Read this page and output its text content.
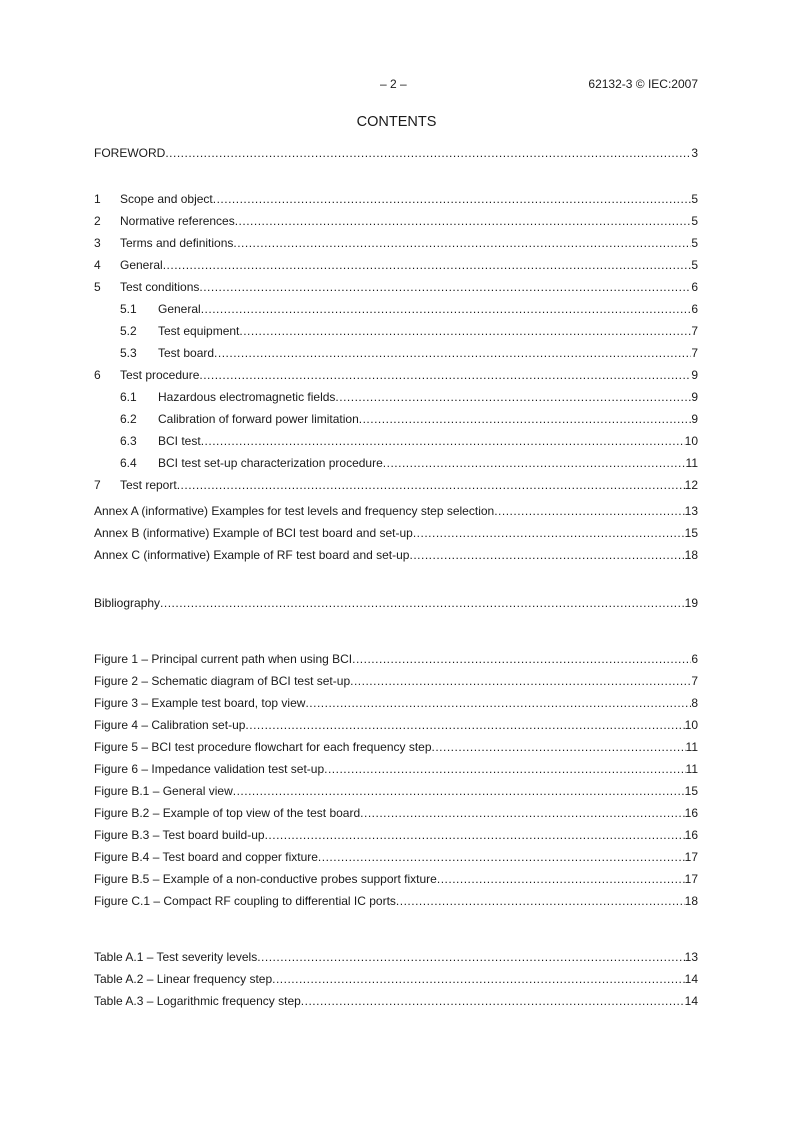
– 2 –	62132-3 © IEC:2007
CONTENTS
FOREWORD .....	3
1	Scope and object .....	5
2	Normative references .....	5
3	Terms and definitions .....	5
4	General .....	5
5	Test conditions .....	6
5.1	General .....	6
5.2	Test equipment .....	7
5.3	Test board .....	7
6	Test procedure .....	9
6.1	Hazardous electromagnetic fields .....	9
6.2	Calibration of forward power limitation .....	9
6.3	BCI test .....	10
6.4	BCI test set-up characterization procedure .....	11
7	Test report .....	12
Annex A (informative) Examples for test levels and frequency step selection .....	13
Annex B (informative) Example of BCI test board and set-up .....	15
Annex C (informative) Example of RF test board and set-up .....	18
Bibliography .....	19
Figure 1 – Principal current path when using BCI .....	6
Figure 2 – Schematic diagram of BCI test set-up .....	7
Figure 3 – Example test board, top view .....	8
Figure 4 – Calibration set-up .....	10
Figure 5 – BCI test procedure flowchart for each frequency step .....	11
Figure 6 – Impedance validation test set-up .....	11
Figure B.1 – General view .....	15
Figure B.2 – Example of top view of the test board .....	16
Figure B.3 – Test board build-up .....	16
Figure B.4 – Test board and copper fixture .....	17
Figure B.5 – Example of a non-conductive probes support fixture .....	17
Figure C.1 – Compact RF coupling to differential IC ports .....	18
Table A.1 – Test severity levels .....	13
Table A.2 – Linear frequency step .....	14
Table A.3 – Logarithmic frequency step .....	14
